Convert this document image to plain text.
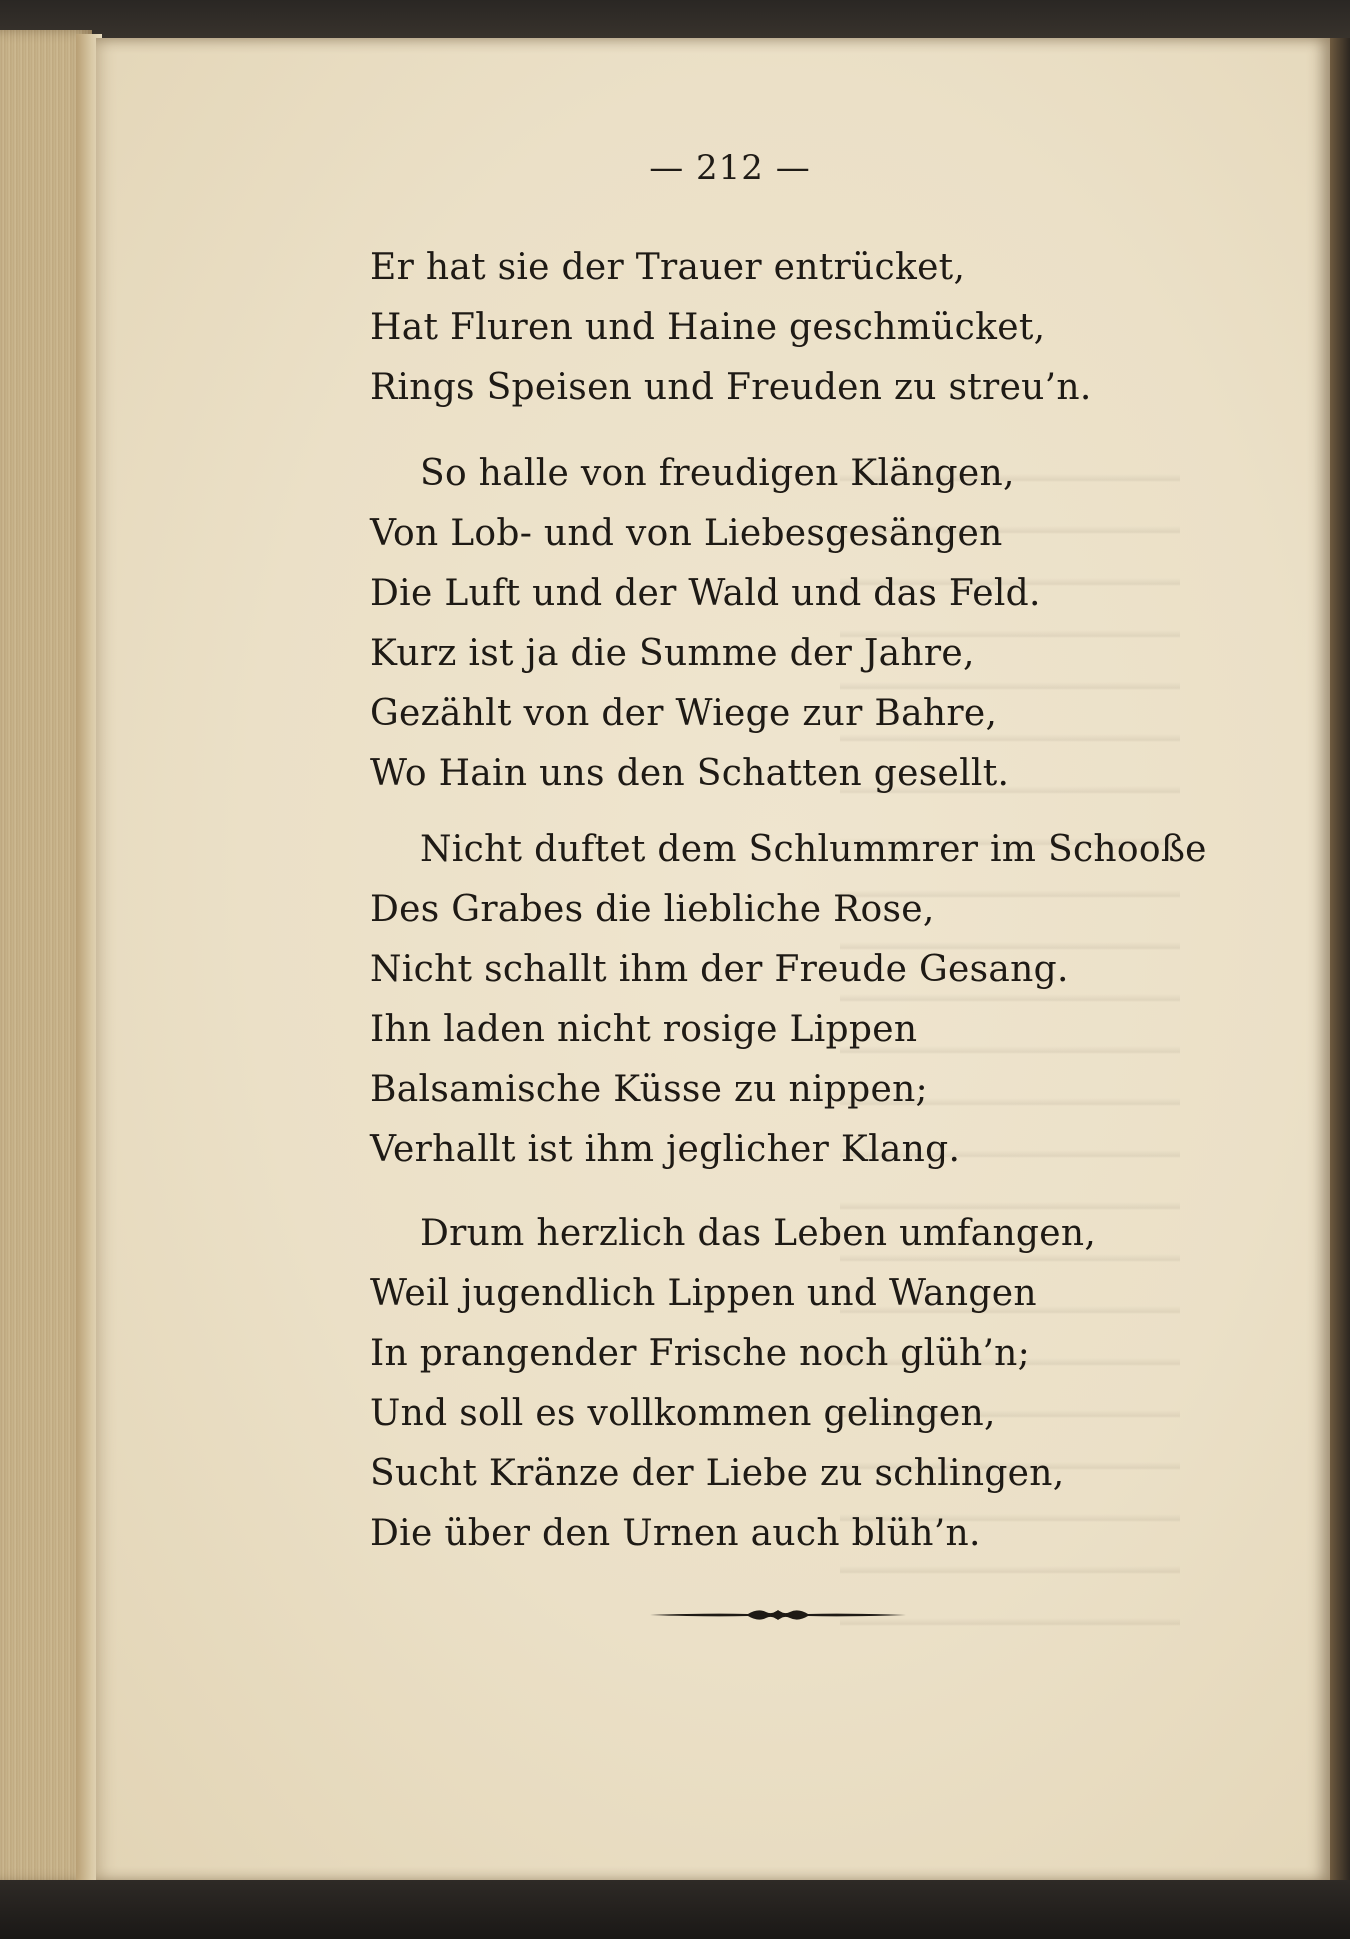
— 212 —
Er hat sie der Trauer entrücket,
Hat Fluren und Haine geschmücket,
Rings Speisen und Freuden zu streu’n.
So halle von freudigen Klängen,
Von Lob- und von Liebesgesängen
Die Luft und der Wald und das Feld.
Kurz ist ja die Summe der Jahre,
Gezählt von der Wiege zur Bahre,
Wo Hain uns den Schatten gesellt.
Nicht duftet dem Schlummrer im Schooße
Des Grabes die liebliche Rose,
Nicht schallt ihm der Freude Gesang.
Ihn laden nicht rosige Lippen
Balsamische Küsse zu nippen;
Verhallt ist ihm jeglicher Klang.
Drum herzlich das Leben umfangen,
Weil jugendlich Lippen und Wangen
In prangender Frische noch glüh’n;
Und soll es vollkommen gelingen,
Sucht Kränze der Liebe zu schlingen,
Die über den Urnen auch blüh’n.
